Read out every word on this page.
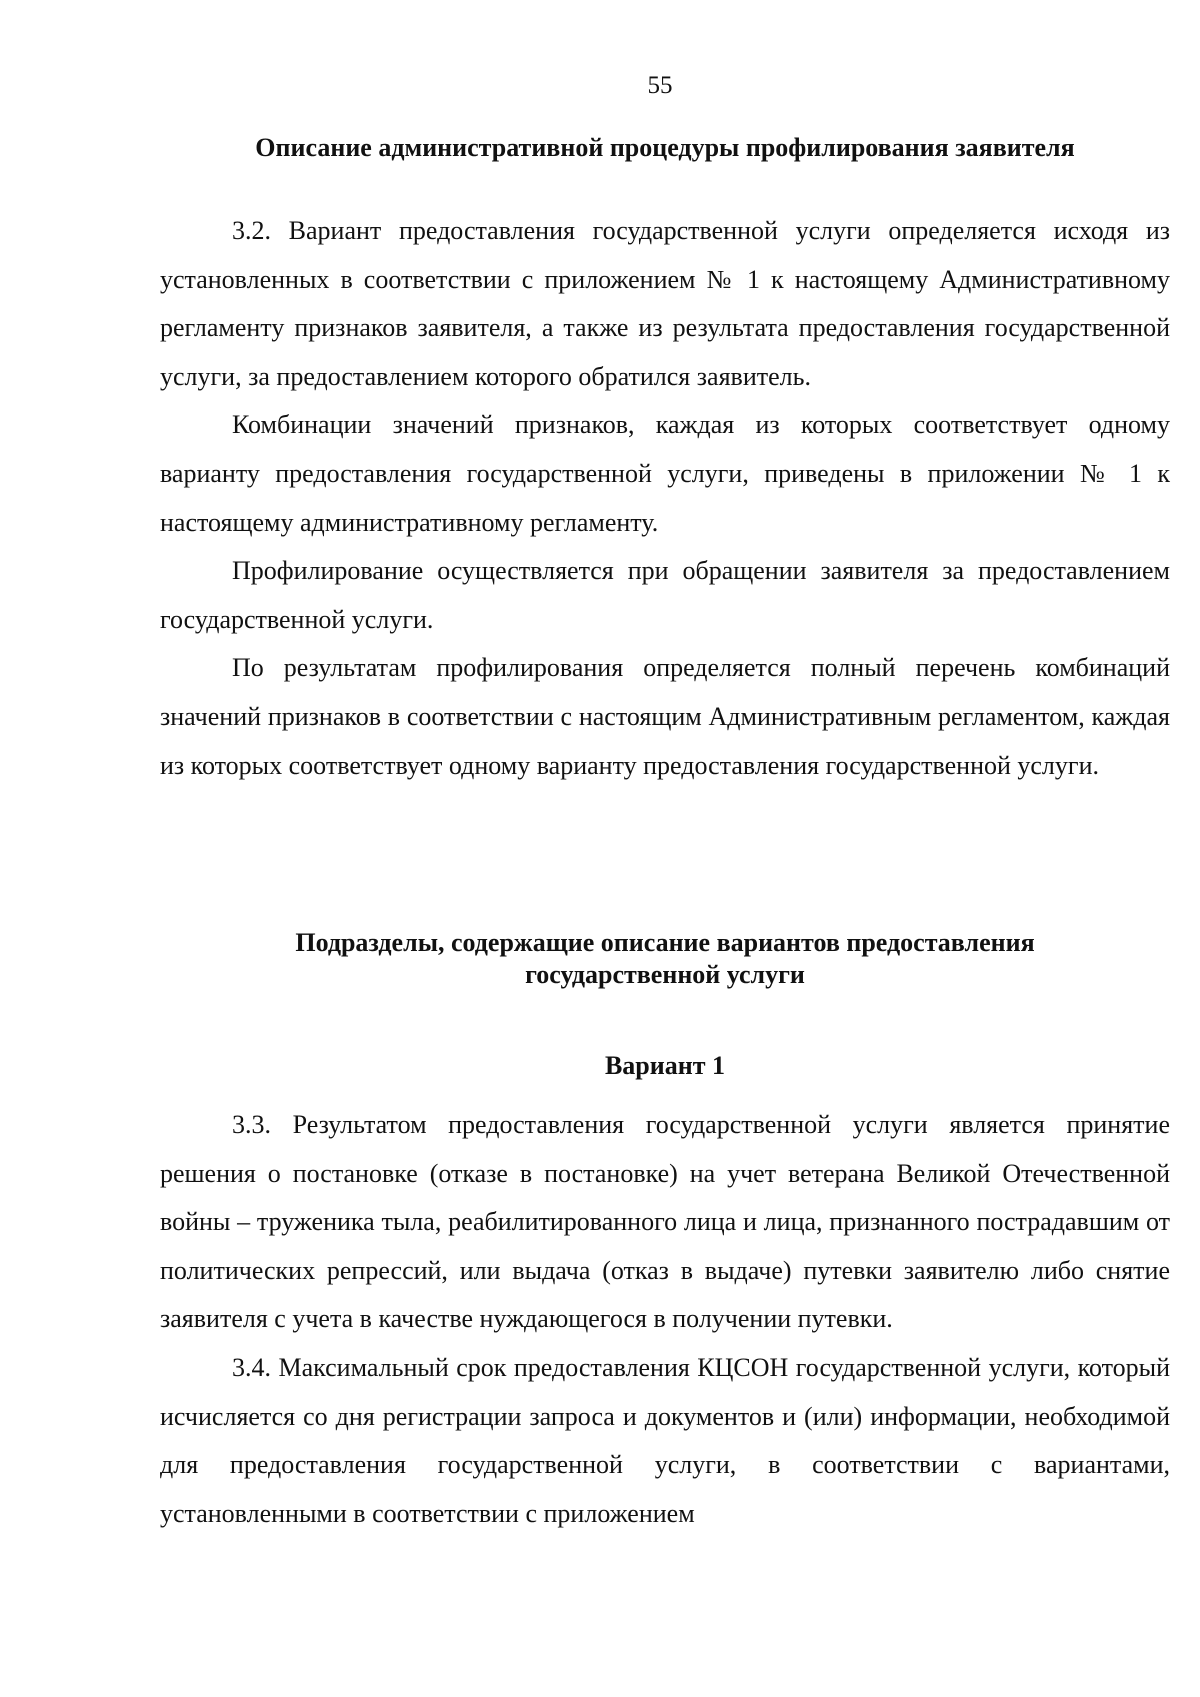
55

Описание административной процедуры профилирования заявителя

3.2. Вариант предоставления государственной услуги определяется исходя из установленных в соответствии с приложением № 1 к настоящему Административному регламенту признаков заявителя, а также из результата предоставления государственной услуги, за предоставлением которого обратился заявитель.

Комбинации значений признаков, каждая из которых соответствует одному варианту предоставления государственной услуги, приведены в приложении № 1 к настоящему административному регламенту.

Профилирование осуществляется при обращении заявителя за предоставлением государственной услуги.

По результатам профилирования определяется полный перечень комбинаций значений признаков в соответствии с настоящим Административным регламентом, каждая из которых соответствует одному варианту предоставления государственной услуги.

Подразделы, содержащие описание вариантов предоставления
государственной услуги
Вариант 1

3.3. Результатом предоставления государственной услуги является принятие решения о постановке (отказе в постановке) на учет ветерана Великой Отечественной войны – труженика тыла, реабилитированного лица и лица, признанного пострадавшим от политических репрессий, или выдача (отказ в выдаче) путевки заявителю либо снятие заявителя с учета в качестве нуждающегося в получении путевки.

3.4. Максимальный срок предоставления КЦСОН государственной услуги, который исчисляется со дня регистрации запроса и документов и (или) информации, необходимой для предоставления государственной услуги, в соответствии с вариантами, установленными в соответствии с приложением
